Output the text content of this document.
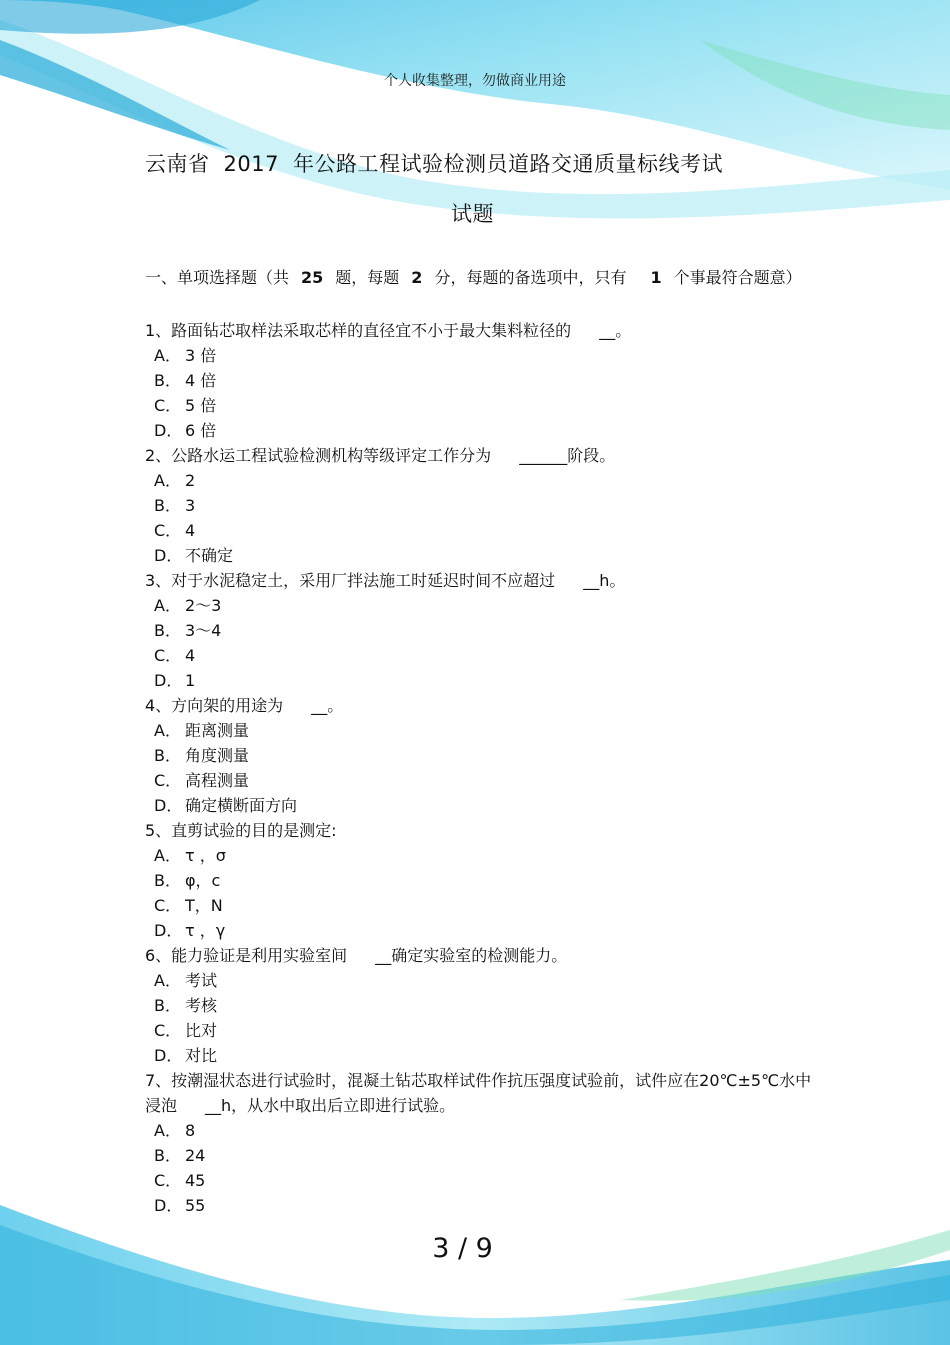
个人收集整理，勿做商业用途
云南省 2017 年公路工程试验检测员道路交通质量标线考试
试题

一、单项选择题（共 25 题，每题 2 分，每题的备选项中，只有 1 个事最符合题意）

1、路面钻芯取样法采取芯样的直径宜不小于最大集料粒径的 __。

A． 3 倍

B． 4 倍

C． 5 倍

D． 6 倍

2、公路水运工程试验检测机构等级评定工作分为 ______阶段。

A． 2

B． 3

C． 4

D． 不确定

3、对于水泥稳定土，采用厂拌法施工时延迟时间不应超过 __h。

A． 2～3

B． 3～4

C． 4

D． 1

4、方向架的用途为 __。

A． 距离测量

B． 角度测量

C． 高程测量

D． 确定横断面方向

5、直剪试验的目的是测定:

A． τ ，σ

B． φ，c

C． T，N

D． τ ，γ

6、能力验证是利用实验室间 __确定实验室的检测能力。

A． 考试

B． 考核

C． 比对

D． 对比

7、按潮湿状态进行试验时，混凝土钻芯取样试件作抗压强度试验前，试件应在20℃±5℃水中浸泡 __h，从水中取出后立即进行试验。

A． 8

B． 24

C． 45

D． 55

3 / 9
